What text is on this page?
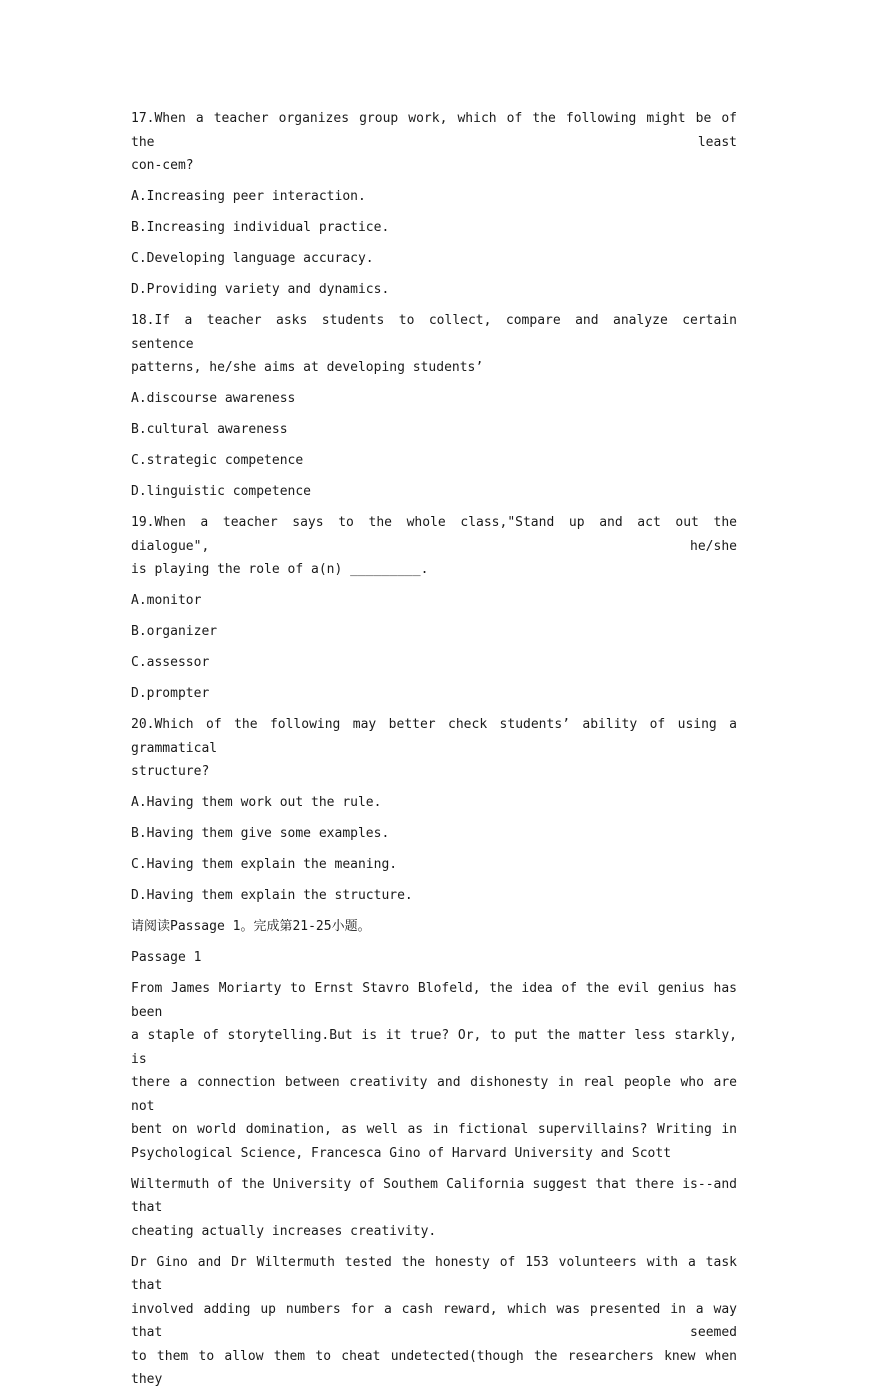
17.When a teacher organizes group work, which of the following might be of the least
con-cem?
A.Increasing peer interaction.
B.Increasing individual practice.
C.Developing language accuracy.
D.Providing variety and dynamics.
18.If a teacher asks students to collect, compare and analyze certain sentence
patterns, he/she aims at developing students’
A.discourse awareness
B.cultural awareness
C.strategic competence
D.linguistic competence
19.When a teacher says to the whole class,"Stand up and act out the dialogue", he/she
is playing the role of a(n) _________.
A.monitor
B.organizer
C.assessor
D.prompter
20.Which of the following may better check students’ ability of using a grammatical
structure?
A.Having them work out the rule.
B.Having them give some examples.
C.Having them explain the meaning.
D.Having them explain the structure.
请阅读Passage 1。完成第21-25小题。
Passage 1
From James Moriarty to Ernst Stavro Blofeld, the idea of the evil genius has been
a staple of storytelling.But is it true? Or, to put the matter less starkly, is
there a connection between creativity and dishonesty in real people who are not
bent on world domination, as well as in fictional supervillains? Writing in
Psychological Science, Francesca Gino of Harvard University and Scott
Wiltermuth of the University of Southem California suggest that there is--and that
cheating actually increases creativity.
Dr Gino and Dr Wiltermuth tested the honesty of 153 volunteers with a task that
involved adding up numbers for a cash reward, which was presented in a way that seemed
to them to allow them to cheat undetected(though the researchers knew when they
